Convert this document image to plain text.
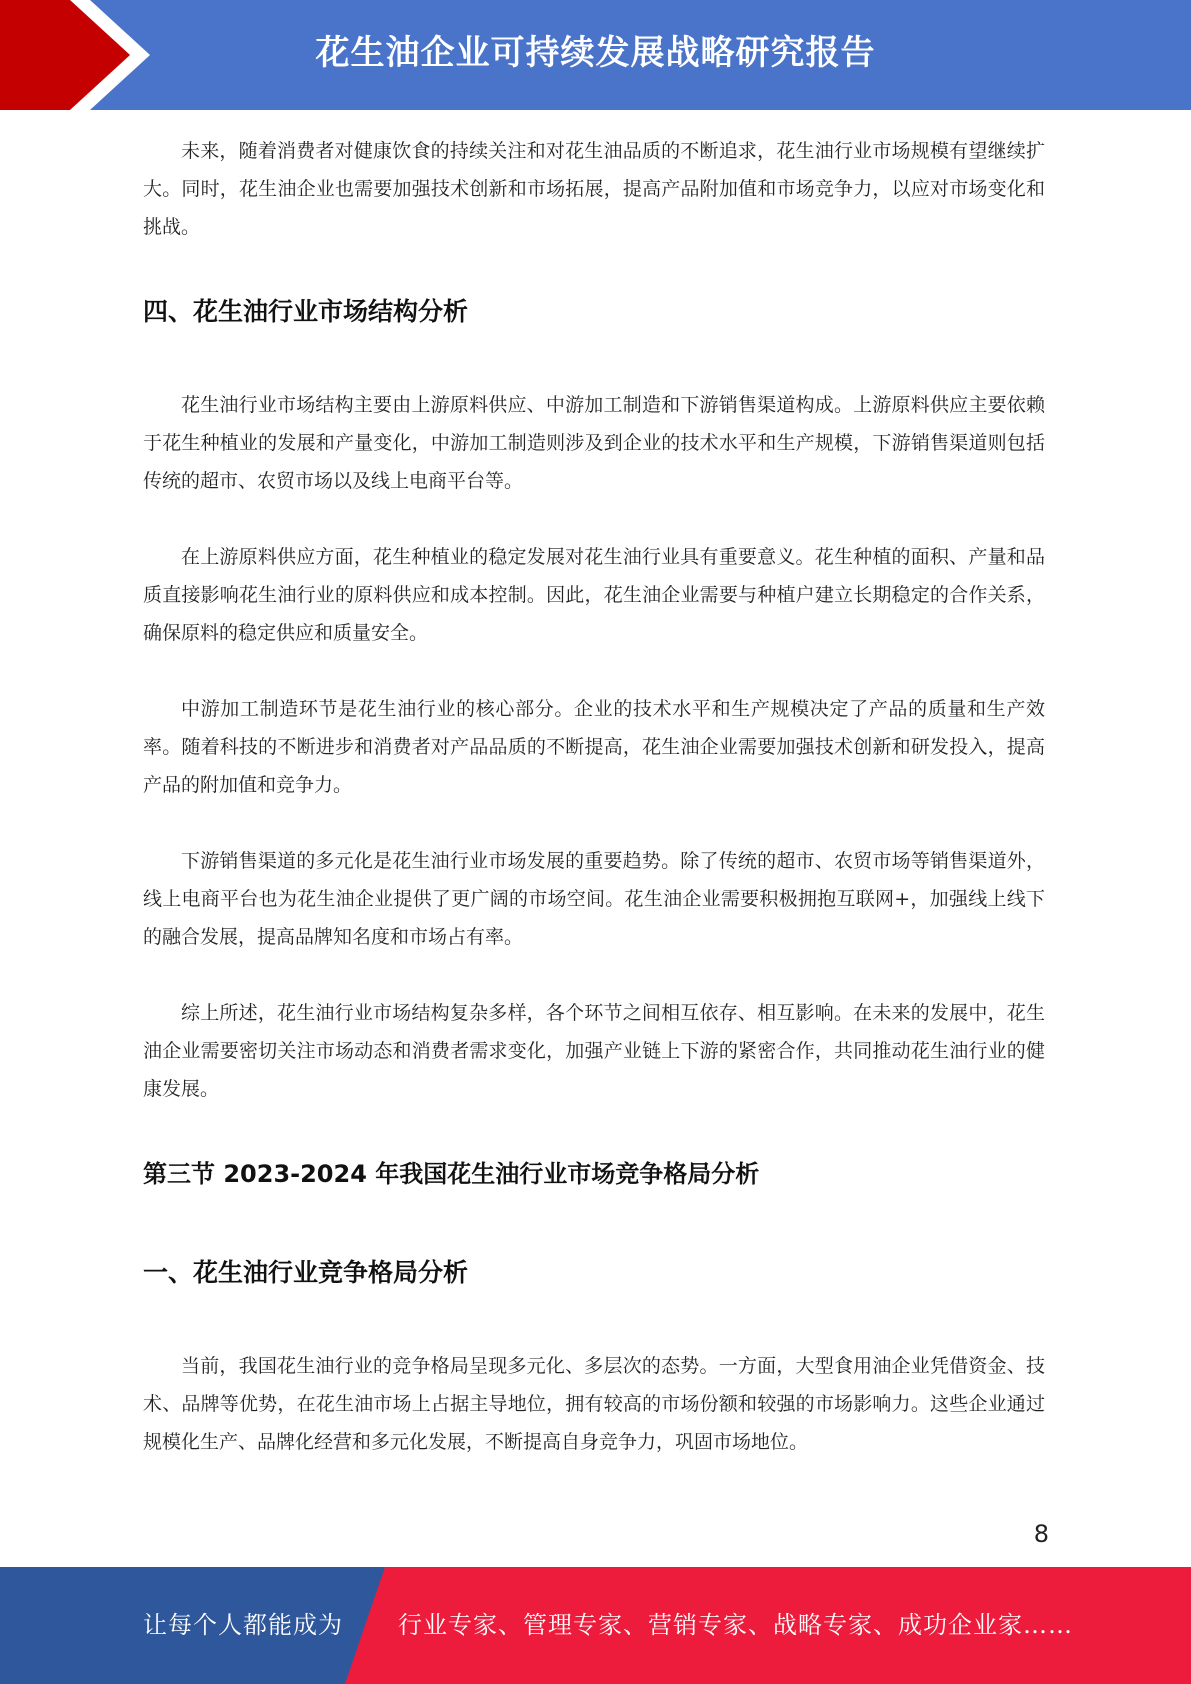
花生油企业可持续发展战略研究报告

未来，随着消费者对健康饮食的持续关注和对花生油品质的不断追求，花生油行业市场规模有望继续扩大。同时，花生油企业也需要加强技术创新和市场拓展，提高产品附加值和市场竞争力，以应对市场变化和挑战。

四、花生油行业市场结构分析

花生油行业市场结构主要由上游原料供应、中游加工制造和下游销售渠道构成。上游原料供应主要依赖于花生种植业的发展和产量变化，中游加工制造则涉及到企业的技术水平和生产规模，下游销售渠道则包括传统的超市、农贸市场以及线上电商平台等。

在上游原料供应方面，花生种植业的稳定发展对花生油行业具有重要意义。花生种植的面积、产量和品质直接影响花生油行业的原料供应和成本控制。因此，花生油企业需要与种植户建立长期稳定的合作关系，确保原料的稳定供应和质量安全。

中游加工制造环节是花生油行业的核心部分。企业的技术水平和生产规模决定了产品的质量和生产效率。随着科技的不断进步和消费者对产品品质的不断提高，花生油企业需要加强技术创新和研发投入，提高产品的附加值和竞争力。

下游销售渠道的多元化是花生油行业市场发展的重要趋势。除了传统的超市、农贸市场等销售渠道外，线上电商平台也为花生油企业提供了更广阔的市场空间。花生油企业需要积极拥抱互联网+，加强线上线下的融合发展，提高品牌知名度和市场占有率。

综上所述，花生油行业市场结构复杂多样，各个环节之间相互依存、相互影响。在未来的发展中，花生油企业需要密切关注市场动态和消费者需求变化，加强产业链上下游的紧密合作，共同推动花生油行业的健康发展。

第三节 2023-2024 年我国花生油行业市场竞争格局分析
一、花生油行业竞争格局分析

当前，我国花生油行业的竞争格局呈现多元化、多层次的态势。一方面，大型食用油企业凭借资金、技术、品牌等优势，在花生油市场上占据主导地位，拥有较高的市场份额和较强的市场影响力。这些企业通过规模化生产、品牌化经营和多元化发展，不断提高自身竞争力，巩固市场地位。

8
让每个人都能成为 行业专家、管理专家、营销专家、战略专家、成功企业家……
